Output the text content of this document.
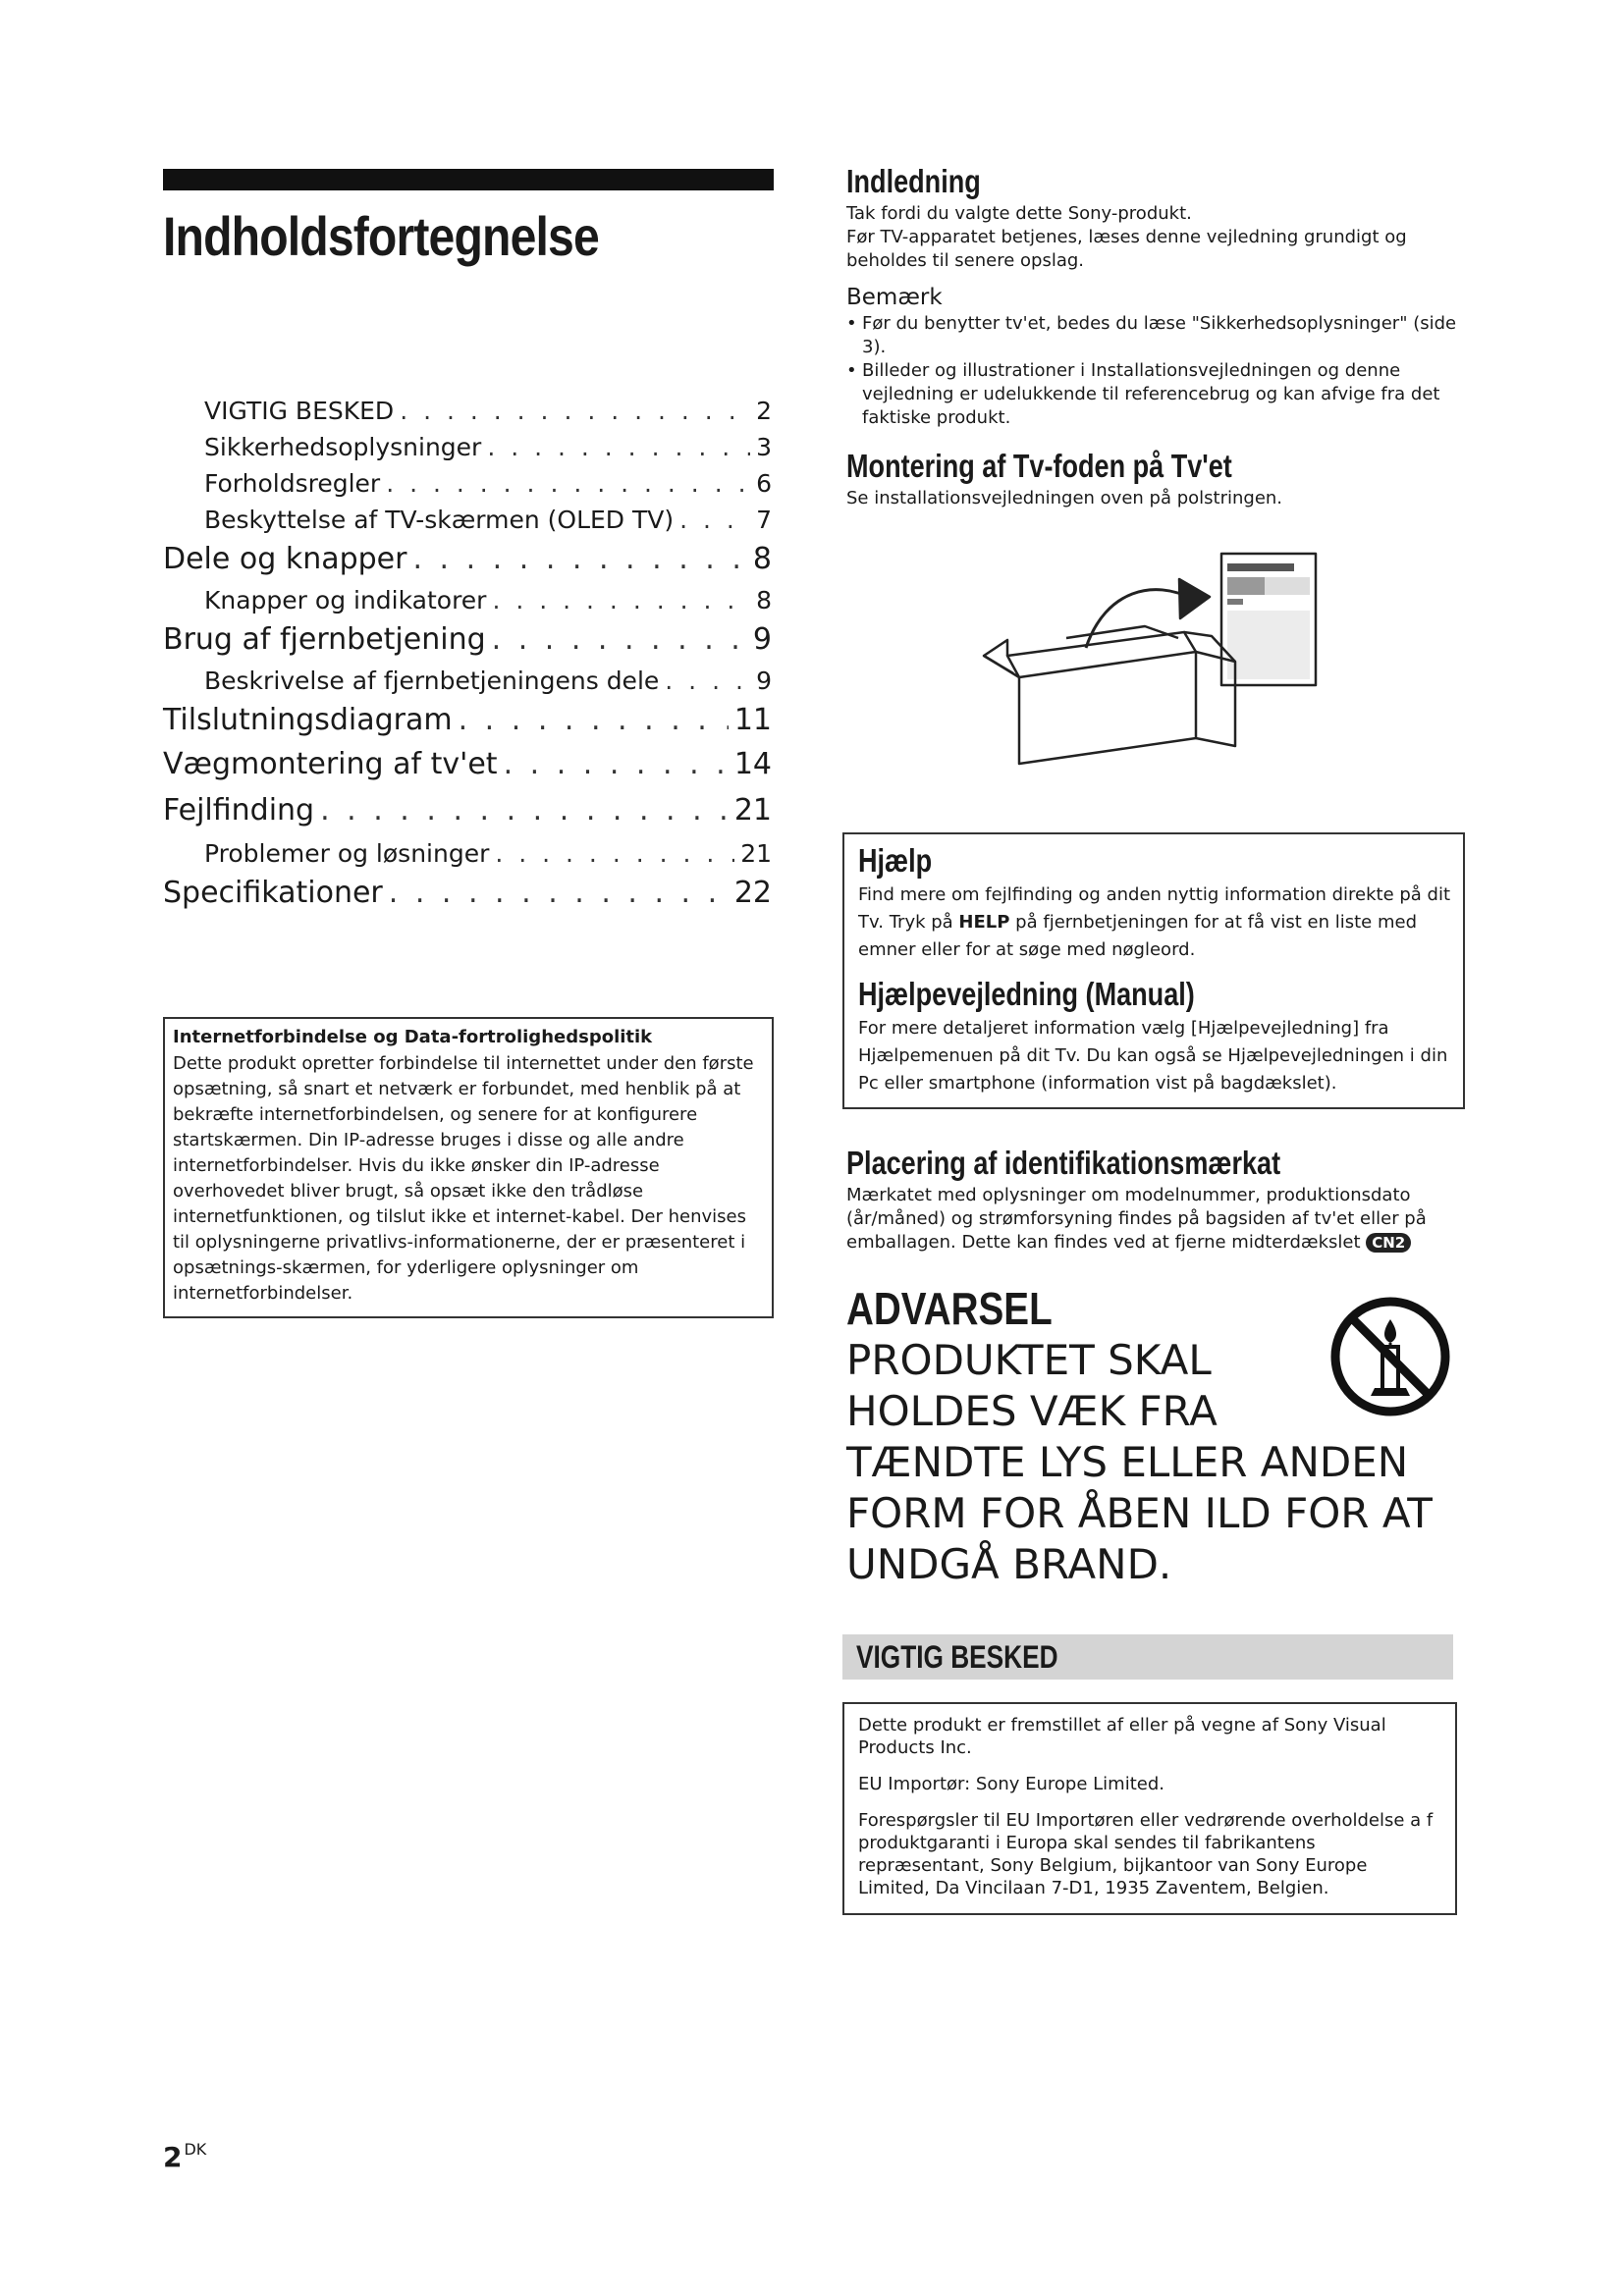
Indholdsfortegnelse
VIGTIG BESKED . . .	2
Sikkerhedsoplysninger . . .	3
Forholdsregler . . .	6
Beskyttelse af TV-skærmen (OLED TV) . . .	7
Dele og knapper . . .	8
Knapper og indikatorer . . .	8
Brug af fjernbetjening . . .	9
Beskrivelse af fjernbetjeningens dele . . .	9
Tilslutningsdiagram . . .	11
Vægmontering af tv'et . . .	14
Fejlfinding . . .	21
Problemer og løsninger . . .	21
Specifikationer . . .	22
Internetforbindelse og Data-fortrolighedspolitik
Dette produkt opretter forbindelse til internettet under den første opsætning, så snart et netværk er forbundet, med henblik på at bekræfte internetforbindelsen, og senere for at konfigurere startskærmen. Din IP-adresse bruges i disse og alle andre internetforbindelser. Hvis du ikke ønsker din IP-adresse overhovedet bliver brugt, så opsæt ikke den trådløse internetfunktionen, og tilslut ikke et internet-kabel. Der henvises til oplysningerne privatlivs-informationerne, der er præsenteret i opsætnings-skærmen, for yderligere oplysninger om internetforbindelser.
2 $^{DK}$
Indledning
Tak fordi du valgte dette Sony-produkt.
Før TV-apparatet betjenes, læses denne vejledning grundigt og beholdes til senere opslag.
Bemærk
• Før du benytter tv'et, bedes du læse "Sikkerhedsoplysninger" (side 3).
• Billeder og illustrationer i Installationsvejledningen og denne vejledning er udelukkende til referencebrug og kan afvige fra det faktiske produkt.
Montering af Tv-foden på Tv'et
Se installationsvejledningen oven på polstringen.
Hjælp
Find mere om fejlfinding og anden nyttig information direkte på dit Tv. Tryk på HELP på fjernbetjeningen for at få vist en liste med emner eller for at søge med nøgleord.
Hjælpevejledning (Manual)
For mere detaljeret information vælg [Hjælpevejledning] fra Hjælpemenuen på dit Tv. Du kan også se Hjælpevejledningen i din Pc eller smartphone (information vist på bagdækslet).
Placering af identifikationsmærkat
Mærkatet med oplysninger om modelnummer, produktionsdato (år/måned) og strømforsyning findes på bagsiden af tv'et eller på emballagen. Dette kan findes ved at fjerne midterdækslet CN2
ADVARSEL
PRODUKTET SKAL
HOLDES VÆK FRA
TÆNDTE LYS ELLER ANDEN
FORM FOR ÅBEN ILD FOR AT
UNDGÅ BRAND.
VIGTIG BESKED

Dette produkt er fremstillet af eller på vegne af Sony Visual Products Inc.

EU Importør: Sony Europe Limited.

Forespørgsler til EU Importøren eller vedrørende overholdelse a f produktgaranti i Europa skal sendes til fabrikantens repræsentant, Sony Belgium, bijkantoor van Sony Europe Limited, Da Vincilaan 7-D1, 1935 Zaventem, Belgien.
